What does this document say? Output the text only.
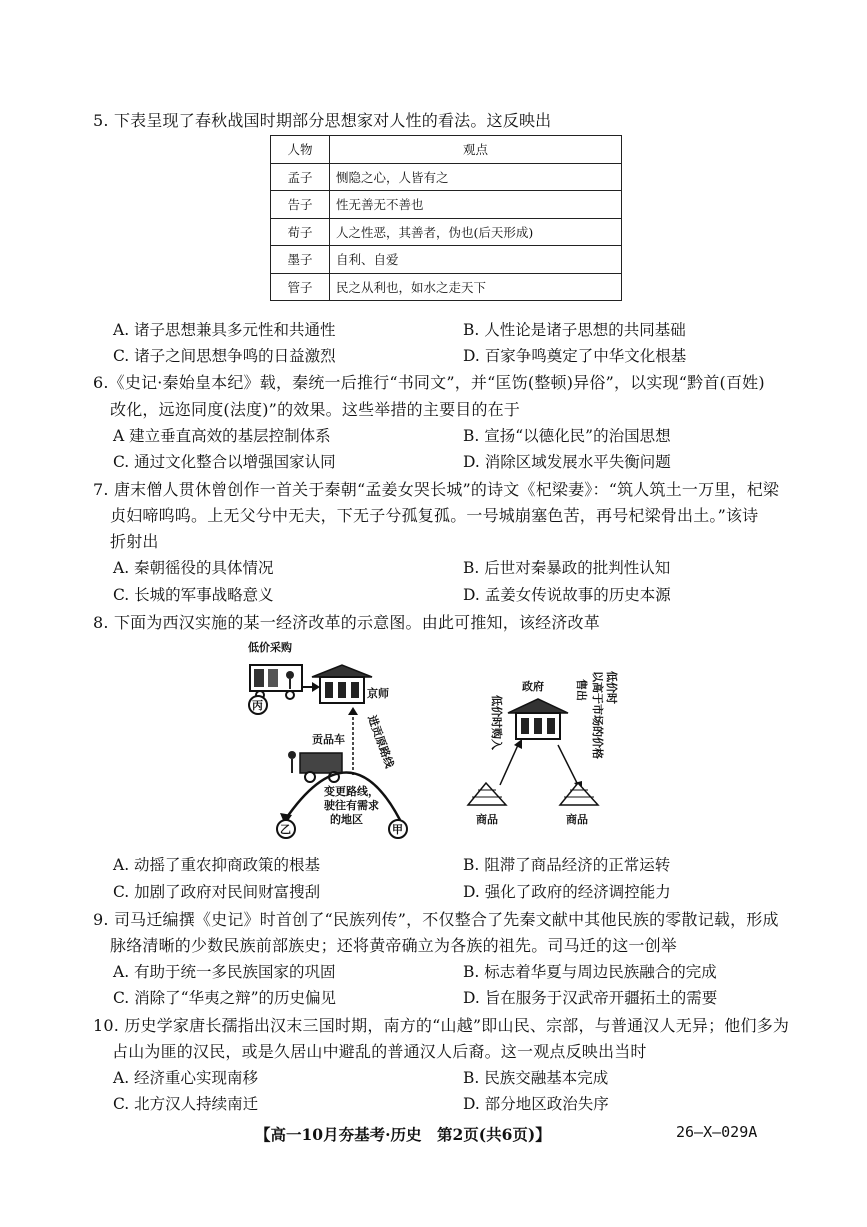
5. 下表呈现了春秋战国时期部分思想家对人性的看法。这反映出
人物	观点
孟子	恻隐之心，人皆有之
告子	性无善无不善也
荀子	人之性恶，其善者，伪也(后天形成)
墨子	自利、自爱
管子	民之从利也，如水之走天下
A. 诸子思想兼具多元性和共通性	B. 人性论是诸子思想的共同基础
C. 诸子之间思想争鸣的日益激烈	D. 百家争鸣奠定了中华文化根基
6.《史记·秦始皇本纪》载，秦统一后推行“书同文”，并“匡饬(整顿)异俗”，以实现“黔首(百姓)
改化，远迩同度(法度)”的效果。这些举措的主要目的在于
A 建立垂直高效的基层控制体系	B. 宣扬“以德化民”的治国思想
C. 通过文化整合以增强国家认同	D. 消除区域发展水平失衡问题
7. 唐末僧人贯休曾创作一首关于秦朝“孟姜女哭长城”的诗文《杞梁妻》：“筑人筑土一万里，杞梁
贞妇啼呜呜。上无父兮中无夫，下无子兮孤复孤。一号城崩塞色苦，再号杞梁骨出土。”该诗
折射出
A. 秦朝徭役的具体情况	B. 后世对秦暴政的批判性认知
C. 长城的军事战略意义	D. 孟姜女传说故事的历史本源
8. 下面为西汉实施的某一经济改革的示意图。由此可推知，该经济改革
低价采购
丙
京师
进贡原路线
贡品车
变更路线，
驶往有需求
的地区
乙	甲
政府
低价时购入
售出 以高于市场的价格 低价时
商品	商品
A. 动摇了重农抑商政策的根基	B. 阻滞了商品经济的正常运转
C. 加剧了政府对民间财富搜刮	D. 强化了政府的经济调控能力
9. 司马迁编撰《史记》时首创了“民族列传”，不仅整合了先秦文献中其他民族的零散记载，形成
脉络清晰的少数民族前部族史；还将黄帝确立为各族的祖先。司马迁的这一创举
A. 有助于统一多民族国家的巩固	B. 标志着华夏与周边民族融合的完成
C. 消除了“华夷之辩”的历史偏见	D. 旨在服务于汉武帝开疆拓土的需要
10. 历史学家唐长孺指出汉末三国时期，南方的“山越”即山民、宗部，与普通汉人无异；他们多为
占山为匪的汉民，或是久居山中避乱的普通汉人后裔。这一观点反映出当时
A. 经济重心实现南移	B. 民族交融基本完成
C. 北方汉人持续南迁	D. 部分地区政治失序
【高一10月夯基考·历史　第2页(共6页)】	26—X—029A
